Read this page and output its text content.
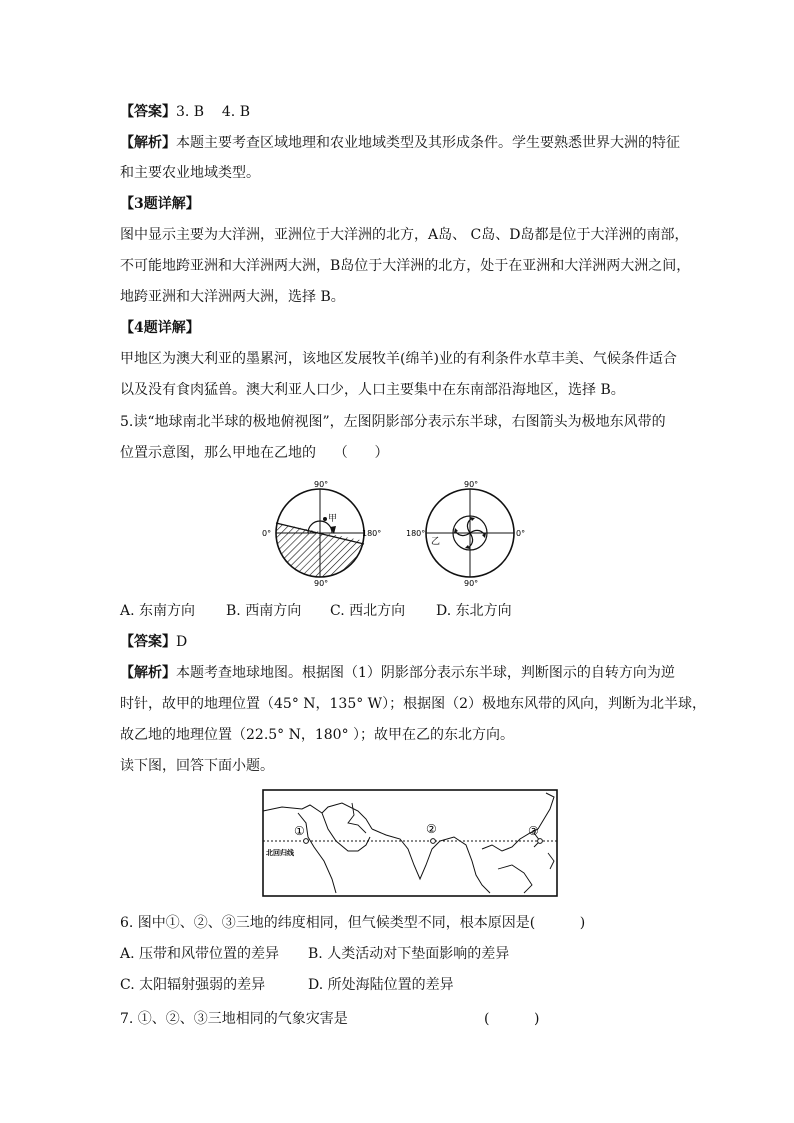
【答案】3. B    4. B
【解析】本题主要考查区域地理和农业地域类型及其形成条件。学生要熟悉世界大洲的特征
和主要农业地域类型。
【3题详解】
图中显示主要为大洋洲，亚洲位于大洋洲的北方，A岛、 C岛、D岛都是位于大洋洲的南部，
不可能地跨亚洲和大洋洲两大洲，B岛位于大洋洲的北方，处于在亚洲和大洋洲两大洲之间，
地跨亚洲和大洋洲两大洲，选择 B。
【4题详解】
甲地区为澳大利亚的墨累河，该地区发展牧羊(绵羊)业的有利条件水草丰美、气候条件适合
以及没有食肉猛兽。澳大利亚人口少，人口主要集中在东南部沿海地区，选择 B。
5.读“地球南北半球的极地俯视图”，左图阴影部分表示东半球，右图箭头为极地东风带的
位置示意图，那么甲地在乙地的    （      ）
90°
90°
0°	180°
甲
90°
90°
180°	0°
乙
A. 东南方向 B. 西南方向 C. 西北方向 D. 东北方向
【答案】D
【解析】本题考查地球地图。根据图（1）阴影部分表示东半球，判断图示的自转方向为逆
时针，故甲的地理位置（45° N，135° W）；根据图（2）极地东风带的风向，判断为北半球，
故乙地的地理位置（22.5° N，180° ）；故甲在乙的东北方向。
读下图，回答下面小题。
北回归线
①	②	③
6. 图中①、②、③三地的纬度相同，但气候类型不同，根本原因是(          )
A. 压带和风带位置的差异 B. 人类活动对下垫面影响的差异
C. 太阳辐射强弱的差异	D. 所处海陆位置的差异
7. ①、②、③三地相同的气象灾害是	(          )
